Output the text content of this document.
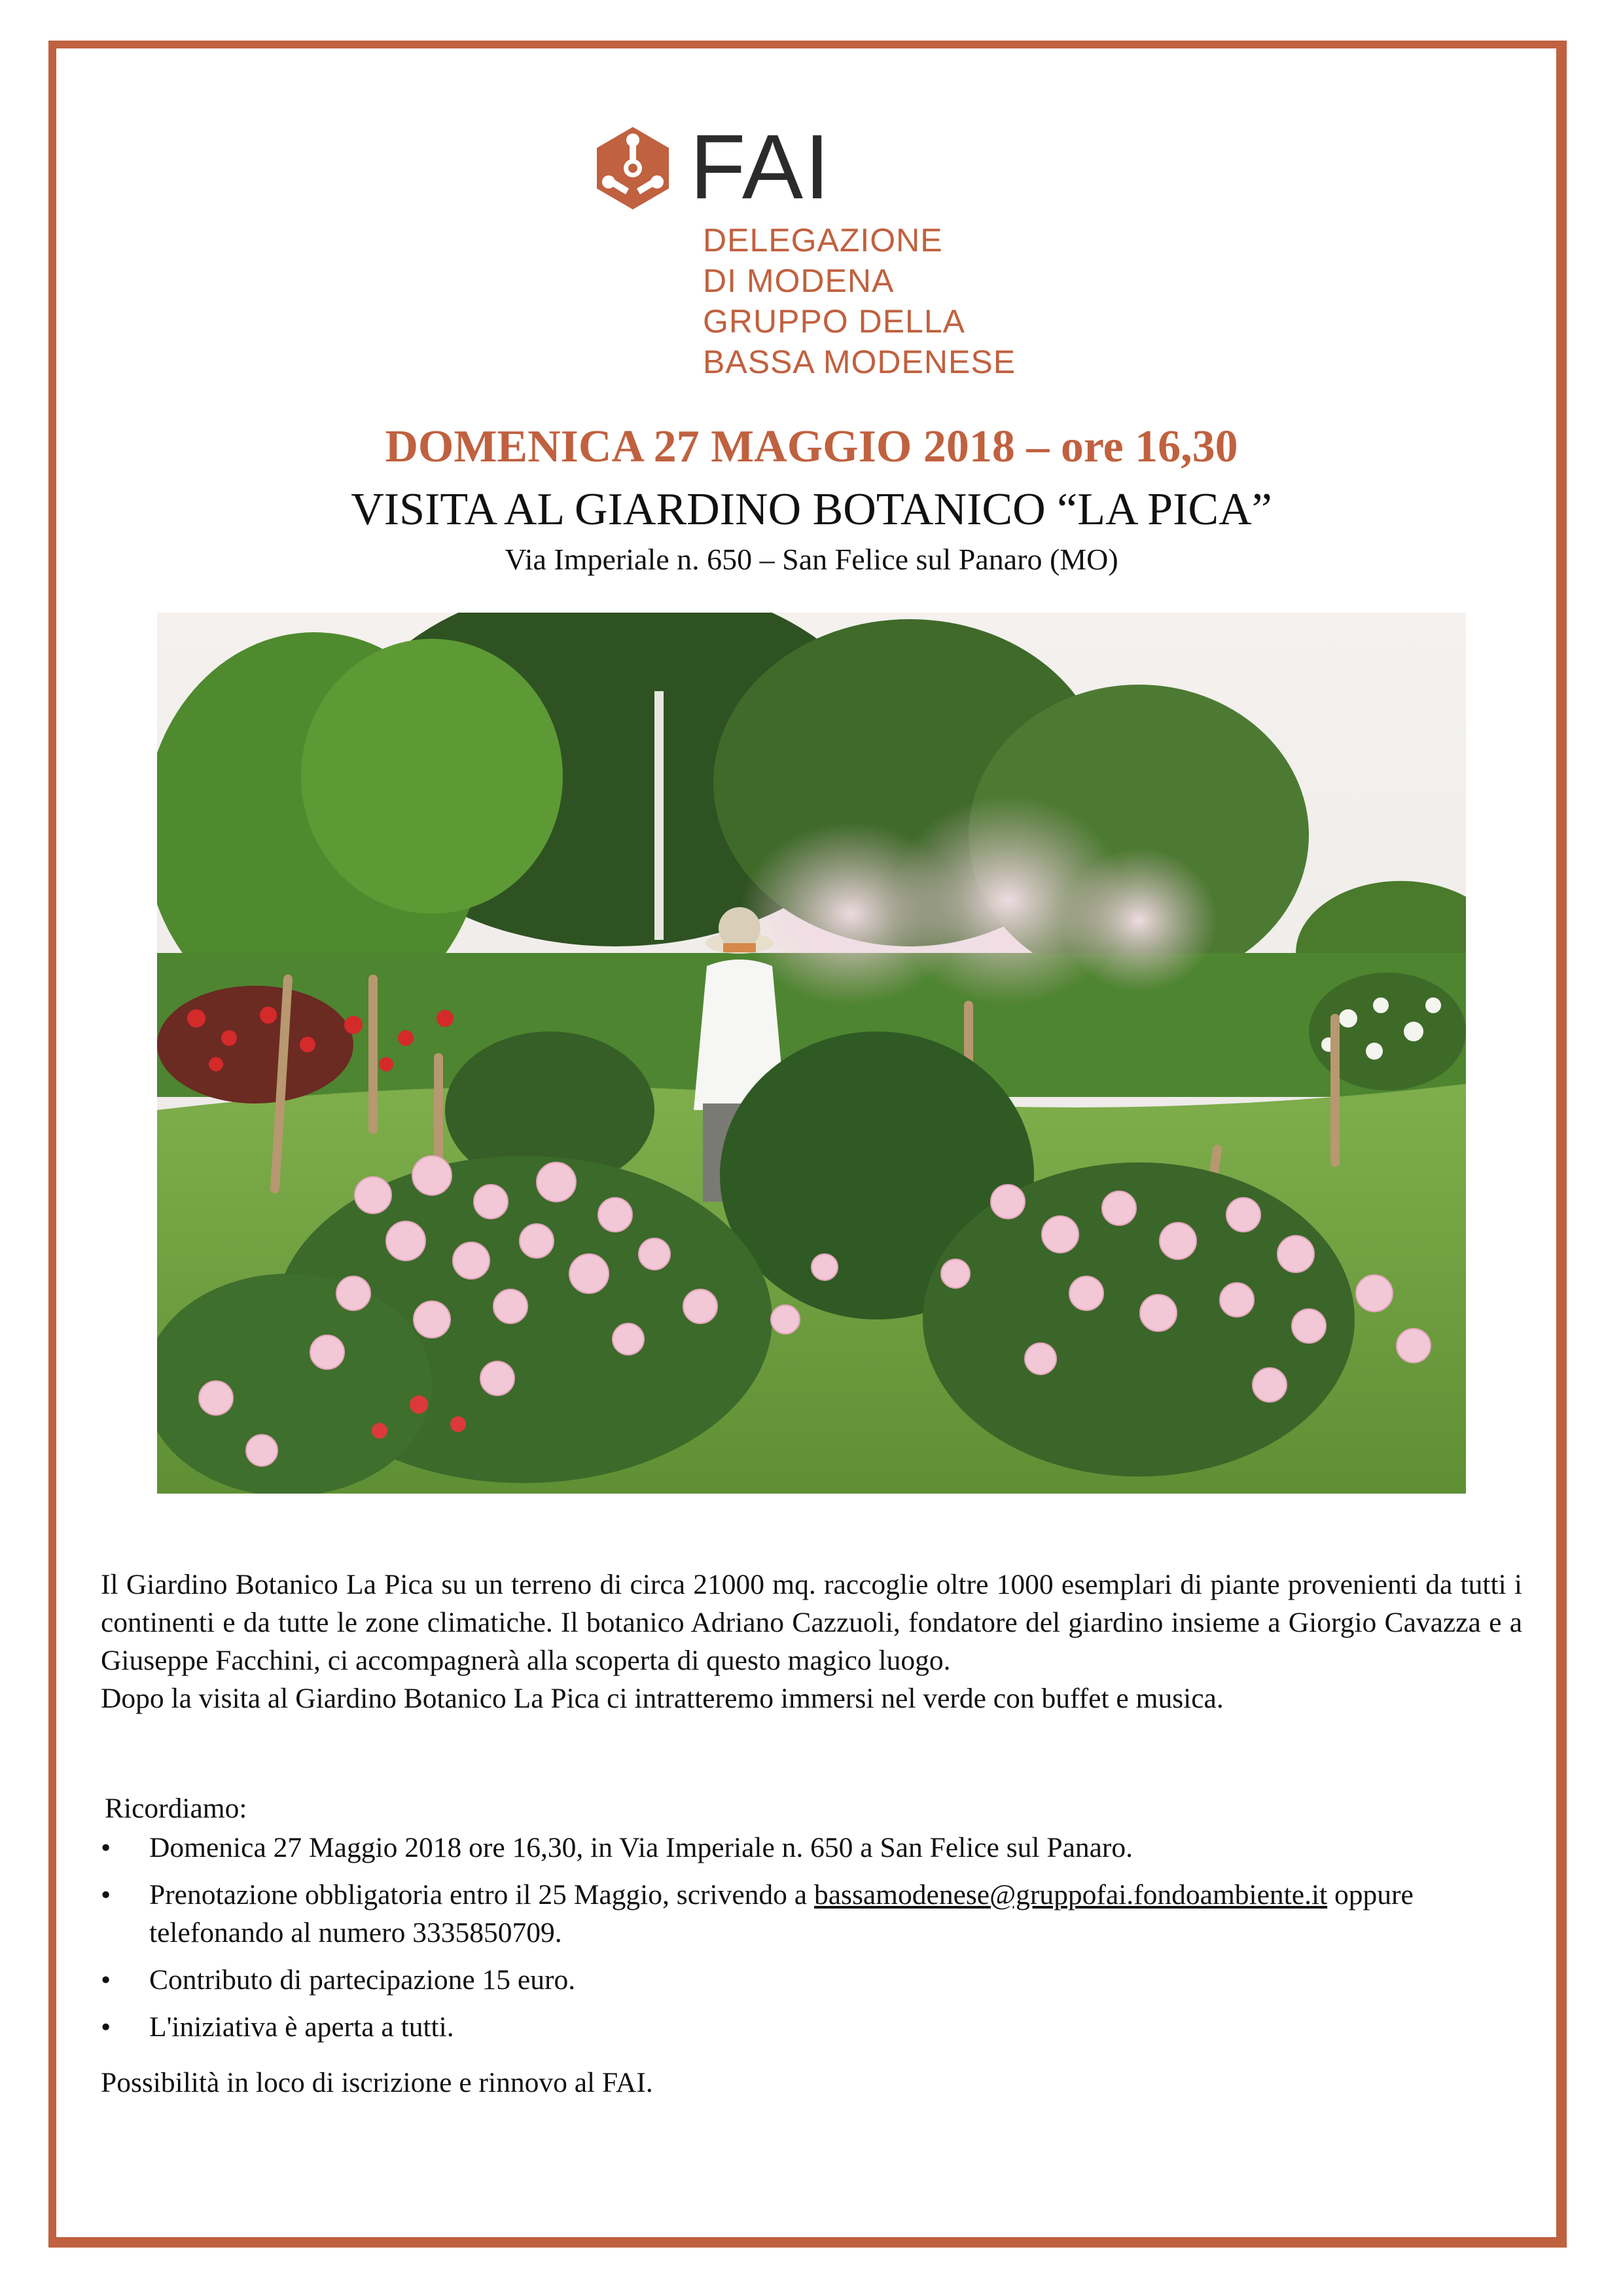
FAI
DELEGAZIONE
DI MODENA
GRUPPO DELLA
BASSA MODENESE
DOMENICA 27 MAGGIO 2018 – ore 16,30
VISITA AL GIARDINO BOTANICO “LA PICA”

Via Imperiale n. 650 – San Felice sul Panaro (MO)

Il Giardino Botanico La Pica su un terreno di circa 21000 mq. raccoglie oltre 1000 esemplari di piante provenienti da tutti i continenti e da tutte le zone climatiche. Il botanico Adriano Cazzuoli, fondatore del giardino insieme a Giorgio Cavazza e a Giuseppe Facchini, ci accompagnerà alla scoperta di questo magico luogo.

Dopo la visita al Giardino Botanico La Pica ci intratteremo immersi nel verde con buffet e musica.

Ricordiamo:

• Domenica 27 Maggio 2018 ore 16,30, in Via Imperiale n. 650 a San Felice sul Panaro.
• Prenotazione obbligatoria entro il 25 Maggio, scrivendo a bassamodenese@gruppofai.fondoambiente.it oppure telefonando al numero 3335850709.
• Contributo di partecipazione 15 euro.
• L'iniziativa è aperta a tutti.

Possibilità in loco di iscrizione e rinnovo al FAI.
